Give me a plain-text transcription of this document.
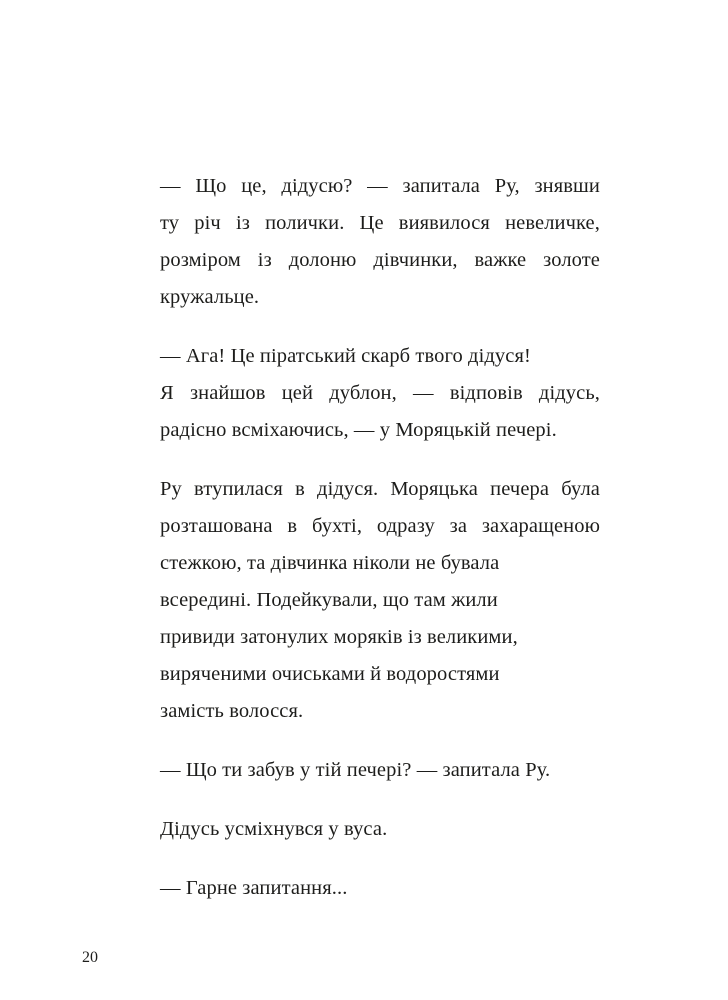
— Що це, дідусю? — запитала Ру, знявши
ту річ із полички. Це виявилося невеличке,
розміром із долоню дівчинки, важке золоте
кружальце.

— Ага! Це піратський скарб твого дідуся!
Я знайшов цей дублон, — відповів дідусь,
радісно всміхаючись, — у Моряцькій печері.

Ру втупилася в дідуся. Моряцька печера була
розташована в бухті, одразу за захаращеною
стежкою, та дівчинка ніколи не бувала
всередині. Подейкували, що там жили
привиди затонулих моряків із великими,
виряченими очиськами й водоростями
замість волосся.

— Що ти забув у тій печері? — запитала Ру.

Дідусь усміхнувся у вуса.

— Гарне запитання...

20
